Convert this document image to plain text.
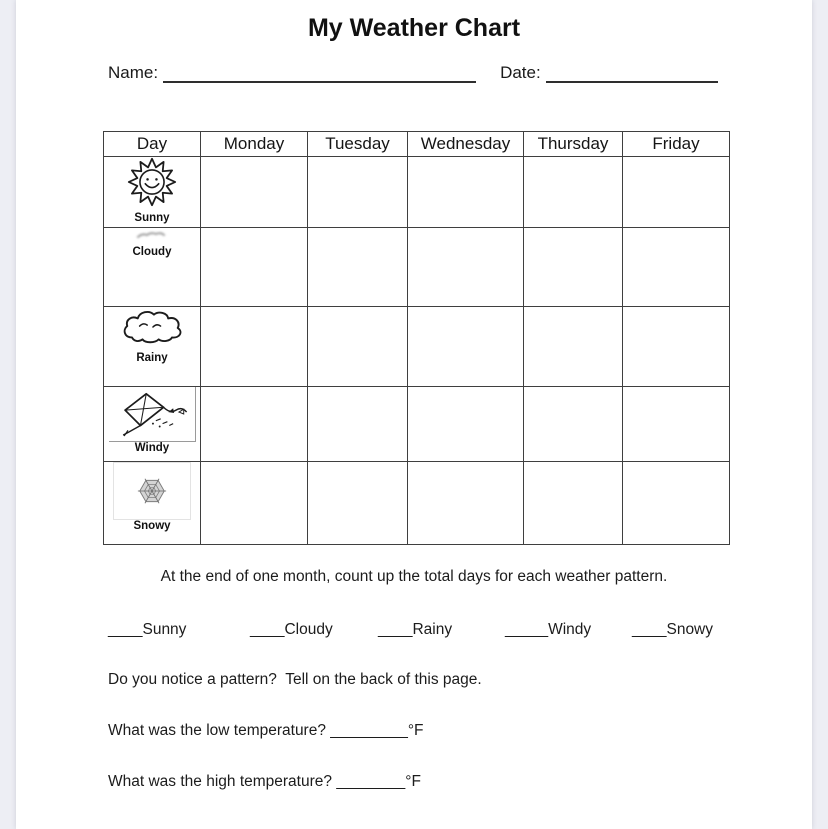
My Weather Chart
Name:	Date:
Day	Monday	Tuesday	Wednesday	Thursday	Friday

Sunny					

Cloudy					

Rainy					

Windy					

Snowy					

At the end of one month, count up the total days for each weather pattern.
____Sunny	____Cloudy	____Rainy	_____Windy	____Snowy
Do you notice a pattern?  Tell on the back of this page.
What was the low temperature? _________°F
What was the high temperature? ________°F
